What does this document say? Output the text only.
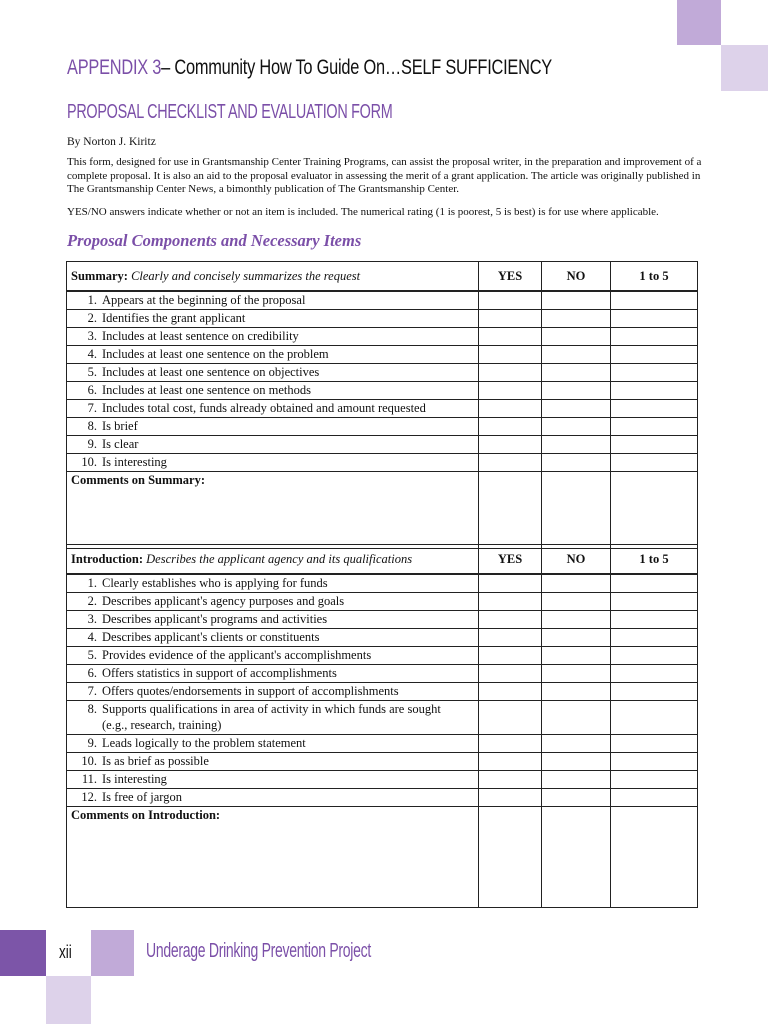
APPENDIX 3– Community How To Guide On…SELF SUFFICIENCY
PROPOSAL CHECKLIST AND EVALUATION FORM
By Norton J. Kiritz
This form, designed for use in Grantsmanship Center Training Programs, can assist the proposal writer, in the preparation and improvement of a complete proposal. It is also an aid to the proposal evaluator in assessing the merit of a grant application. The article was originally published in The Grantsmanship Center News, a bimonthly publication of The Grantsmanship Center.
YES/NO answers indicate whether or not an item is included. The numerical rating (1 is poorest, 5 is best) is for use where applicable.
Proposal Components and Necessary Items
Summary: Clearly and concisely summarizes the request	YES	NO	1 to 5
1. Appears at the beginning of the proposal			
2. Identifies the grant applicant			
3. Includes at least sentence on credibility			
4. Includes at least one sentence on the problem			
5. Includes at least one sentence on objectives			
6. Includes at least one sentence on methods			
7. Includes total cost, funds already obtained and amount requested			
8. Is brief			
9. Is clear			
10. Is interesting			
Comments on Summary:			
Introduction: Describes the applicant agency and its qualifications	YES	NO	1 to 5
1. Clearly establishes who is applying for funds			
2. Describes applicant's agency purposes and goals			
3. Describes applicant's programs and activities			
4. Describes applicant's clients or constituents			
5. Provides evidence of the applicant's accomplishments			
6. Offers statistics in support of accomplishments			
7. Offers quotes/endorsements in support of accomplishments			
8. Supports qualifications in area of activity in which funds are sought
(e.g., research, training)			

9. Leads logically to the problem statement			
10. Is as brief as possible			
11. Is interesting			
12. Is free of jargon			
Comments on Introduction:			
xii	Underage Drinking Prevention Project
